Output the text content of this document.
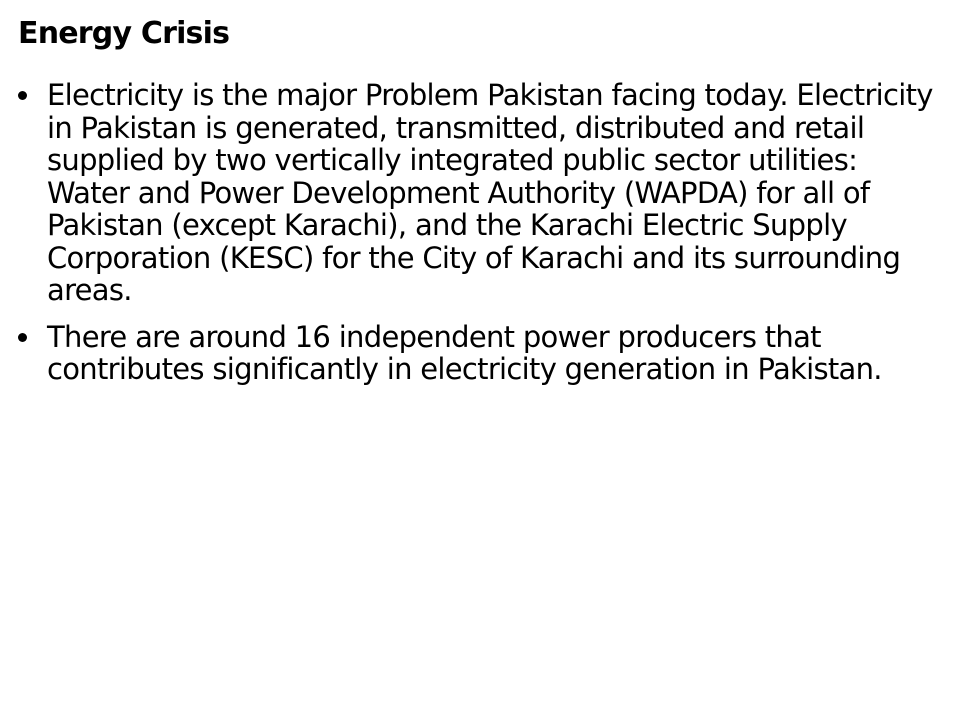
Energy Crisis
Electricity is the major Problem Pakistan facing today. Electricity in Pakistan is generated, transmitted, distributed and retail supplied by two vertically integrated public sector utilities: Water and Power Development Authority (WAPDA) for all of Pakistan (except Karachi), and the Karachi Electric Supply Corporation (KESC) for the City of Karachi and its surrounding areas.
There are around 16 independent power producers that contributes significantly in electricity generation in Pakistan.
